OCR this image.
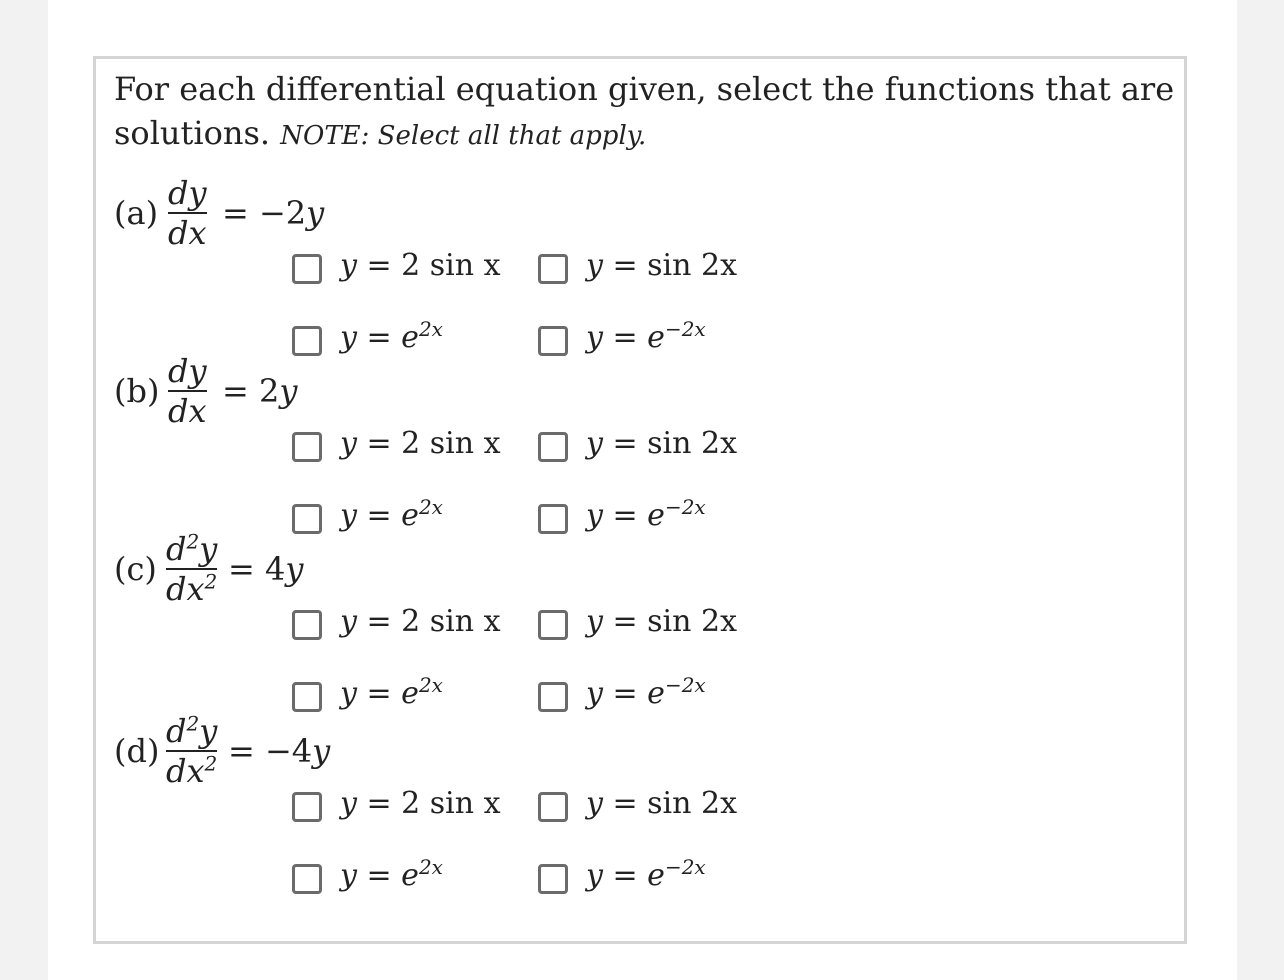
For each differential equation given, select the functions that are
solutions. NOTE: Select all that apply.
(a)
dy
dx
= −2y
y = 2 sin x	y = sin 2x
$y = e^{2x}$	$y = e^{-2x}$
(b)
dy
dx
= 2y
y = 2 sin x	y = sin 2x
$y = e^{2x}$	$y = e^{-2x}$
(c)
$d^2y$
$dx^2 = 4y$
y = 2 sin x	y = sin 2x
$y = e^{2x}$	$y = e^{-2x}$
(d)
$d^2y$
$dx^2 = -4y$
y = 2 sin x	y = sin 2x
$y = e^{2x}$	$y = e^{-2x}$
